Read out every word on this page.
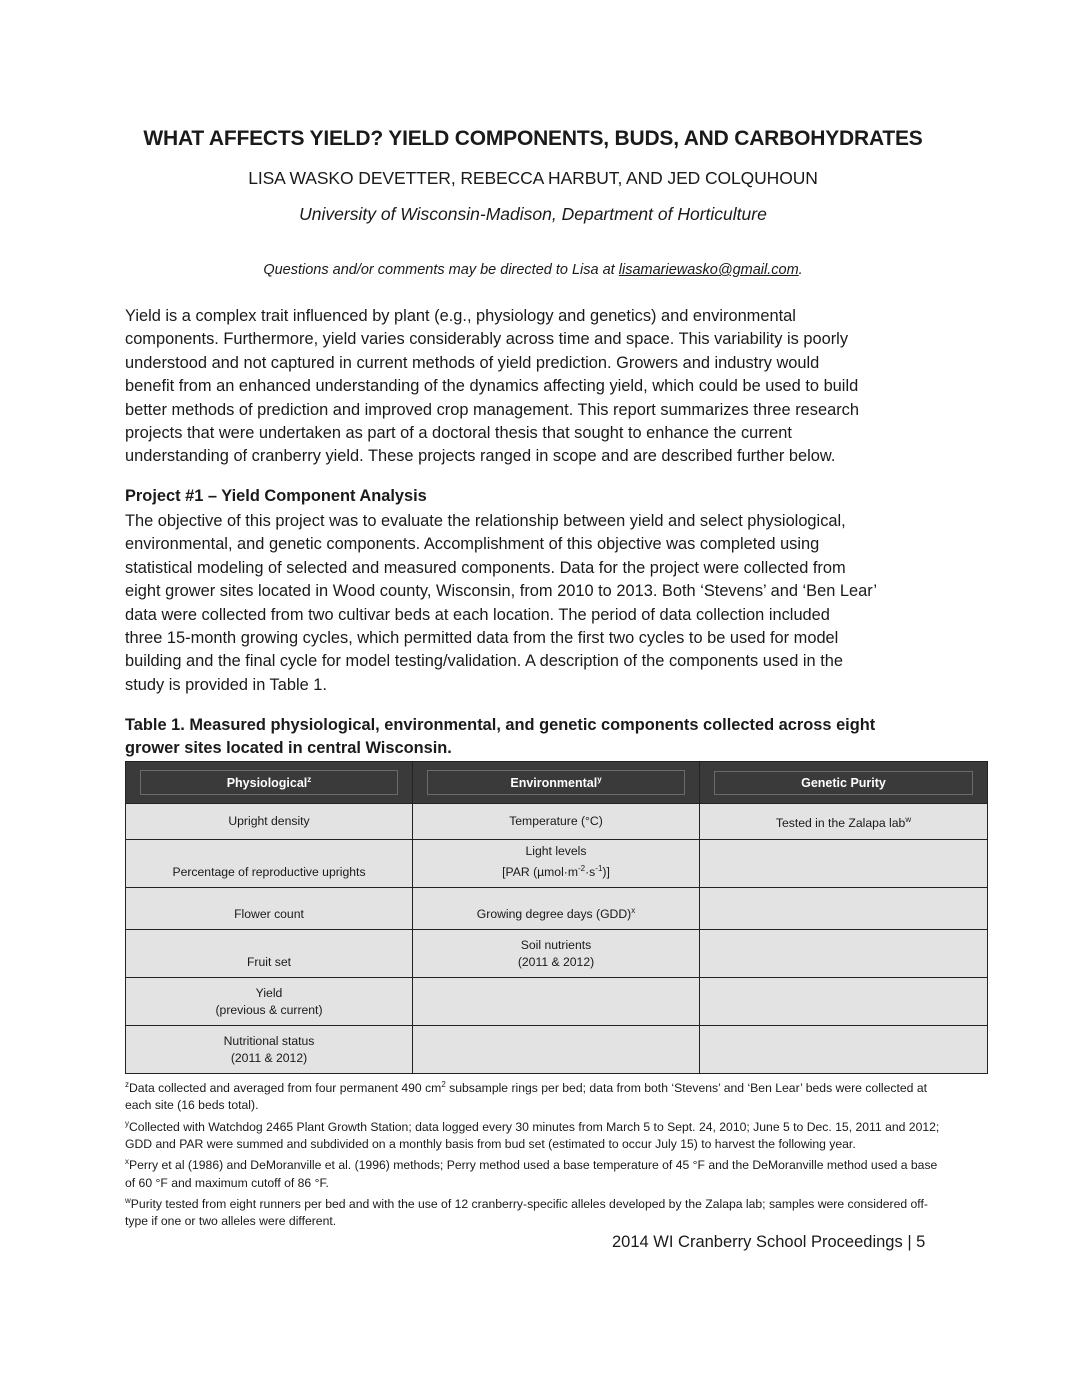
WHAT AFFECTS YIELD? YIELD COMPONENTS, BUDS, AND CARBOHYDRATES
LISA WASKO DEVETTER, REBECCA HARBUT, AND JED COLQUHOUN
University of Wisconsin-Madison, Department of Horticulture
Questions and/or comments may be directed to Lisa at lisamariewasko@gmail.com.
Yield is a complex trait influenced by plant (e.g., physiology and genetics) and environmental
components. Furthermore, yield varies considerably across time and space. This variability is poorly
understood and not captured in current methods of yield prediction. Growers and industry would
benefit from an enhanced understanding of the dynamics affecting yield, which could be used to build
better methods of prediction and improved crop management. This report summarizes three research
projects that were undertaken as part of a doctoral thesis that sought to enhance the current
understanding of cranberry yield. These projects ranged in scope and are described further below.
Project #1 – Yield Component Analysis
The objective of this project was to evaluate the relationship between yield and select physiological,
environmental, and genetic components. Accomplishment of this objective was completed using
statistical modeling of selected and measured components. Data for the project were collected from
eight grower sites located in Wood county, Wisconsin, from 2010 to 2013. Both ‘Stevens’ and ‘Ben Lear’
data were collected from two cultivar beds at each location. The period of data collection included
three 15-month growing cycles, which permitted data from the first two cycles to be used for model
building and the final cycle for model testing/validation. A description of the components used in the
study is provided in Table 1.
Table 1. Measured physiological, environmental, and genetic components collected across eight
grower sites located in central Wisconsin.
Physiological$^z$	Environmental$^y$	Genetic Purity

Upright density	Temperature (°C)	Tested in the Zalapa lab$^w$
Percentage of reproductive uprights	Light levels
[PAR (µmol·m$^{-2}$·s$^{-1}$)]	

Flower count	Growing degree days (GDD)$^x$	
Fruit set	Soil nutrients
(2011 & 2012)	

Yield
(previous & current)		

Nutritional status
(2011 & 2012)		

$^z$Data collected and averaged from four permanent 490 cm$^2$ subsample rings per bed; data from both ‘Stevens’ and ‘Ben Lear’ beds were collected at each site (16 beds total).

$^y$Collected with Watchdog 2465 Plant Growth Station; data logged every 30 minutes from March 5 to Sept. 24, 2010; June 5 to Dec. 15, 2011 and 2012; GDD and PAR were summed and subdivided on a monthly basis from bud set (estimated to occur July 15) to harvest the following year.

$^x$Perry et al (1986) and DeMoranville et al. (1996) methods; Perry method used a base temperature of 45 °F and the DeMoranville method used a base of 60 °F and maximum cutoff of 86 °F.

$^w$Purity tested from eight runners per bed and with the use of 12 cranberry-specific alleles developed by the Zalapa lab; samples were considered off-type if one or two alleles were different.

2014 WI Cranberry School Proceedings | 5
